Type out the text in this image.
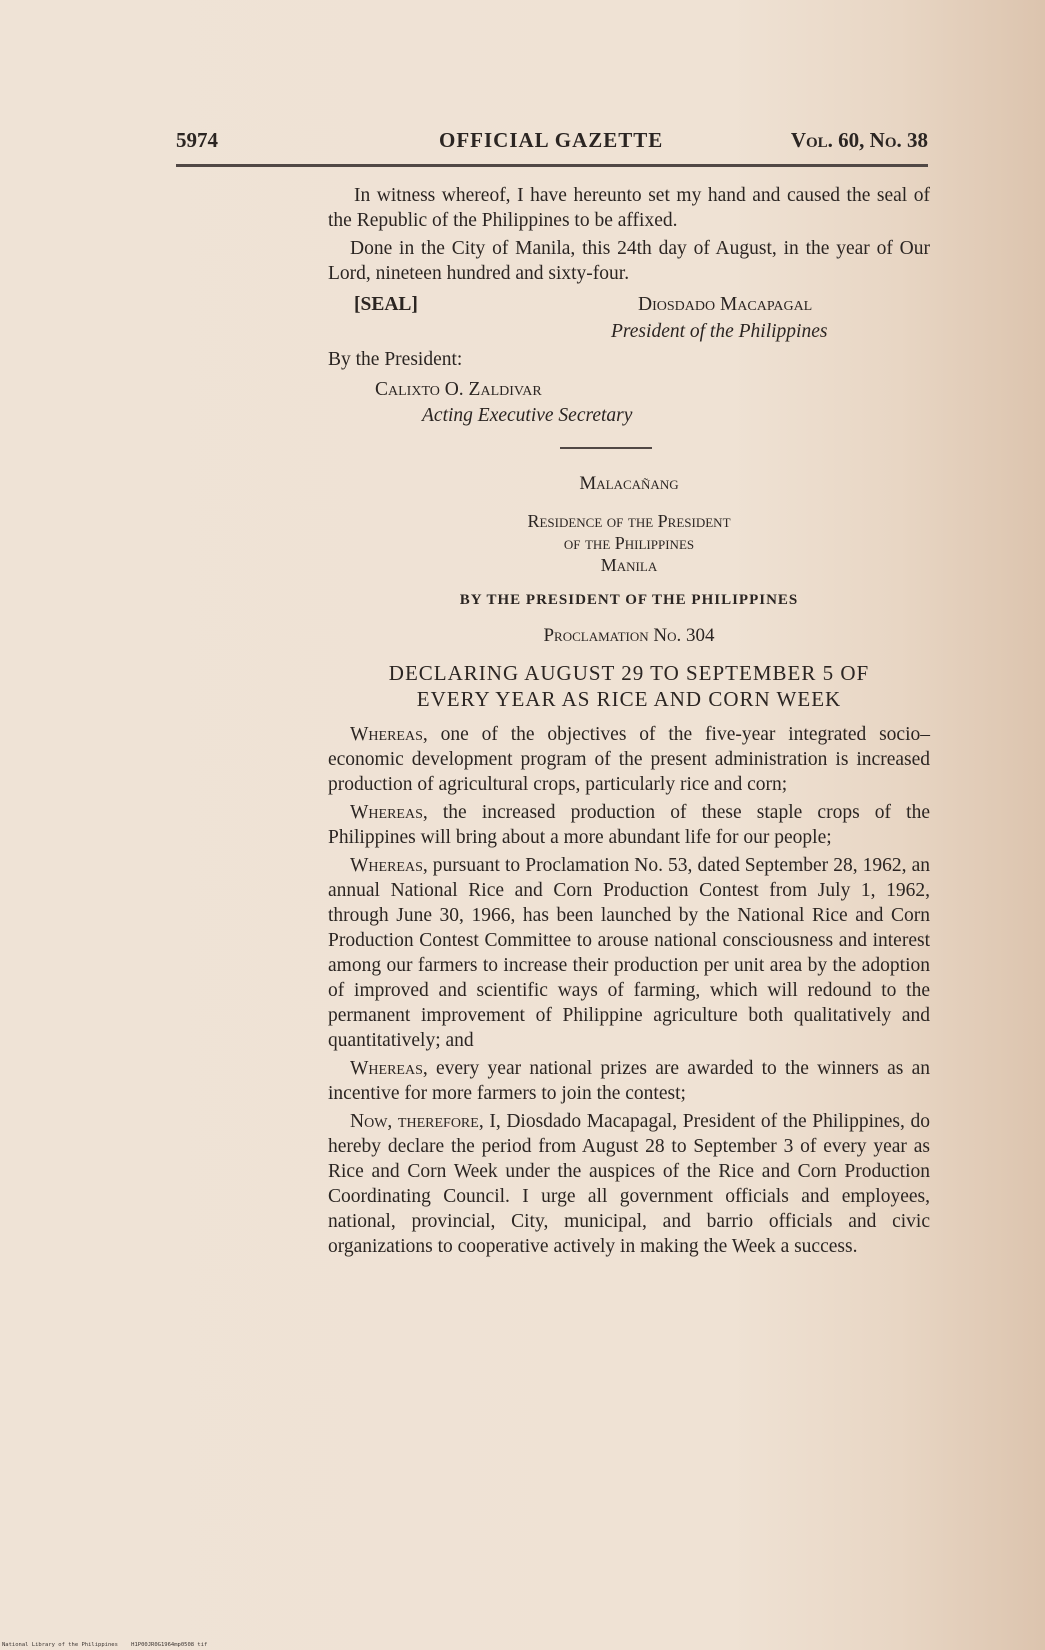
5974	OFFICIAL GAZETTE	Vol. 60, No. 38

In witness whereof, I have hereunto set my hand and caused the seal of the Republic of the Philippines to be affixed.

Done in the City of Manila, this 24th day of August, in the year of Our Lord, nineteen hundred and sixty-four.

[SEAL]	Diosdado Macapagal
President of the Philippines
By the President:
Calixto O. Zaldivar
Acting Executive Secretary
Malacañang
Residence of the President
of the Philippines
Manila
BY THE PRESIDENT OF THE PHILIPPINES
Proclamation No. 304
DECLARING AUGUST 29 TO SEPTEMBER 5 OF
EVERY YEAR AS RICE AND CORN WEEK

Whereas, one of the objectives of the five-year integrated socio–economic development program of the present administration is increased production of agricultural crops, particularly rice and corn;

Whereas, the increased production of these staple crops of the Philippines will bring about a more abundant life for our people;

Whereas, pursuant to Proclamation No. 53, dated September 28, 1962, an annual National Rice and Corn Production Contest from July 1, 1962, through June 30, 1966, has been launched by the National Rice and Corn Production Contest Committee to arouse national consciousness and interest among our farmers to increase their production per unit area by the adoption of improved and scientific ways of farming, which will redound to the permanent improvement of Philippine agriculture both qualitatively and quantitatively; and

Whereas, every year national prizes are awarded to the winners as an incentive for more farmers to join the contest;

Now, therefore, I, Diosdado Macapagal, President of the Philippines, do hereby declare the period from August 28 to September 3 of every year as Rice and Corn Week under the auspices of the Rice and Corn Production Coordinating Council. I urge all government officials and employees, national, provincial, City, municipal, and barrio officials and civic organizations to cooperative actively in making the Week a success.

National Library of the Philippines H1P00JR0G1964mp0508 tif
